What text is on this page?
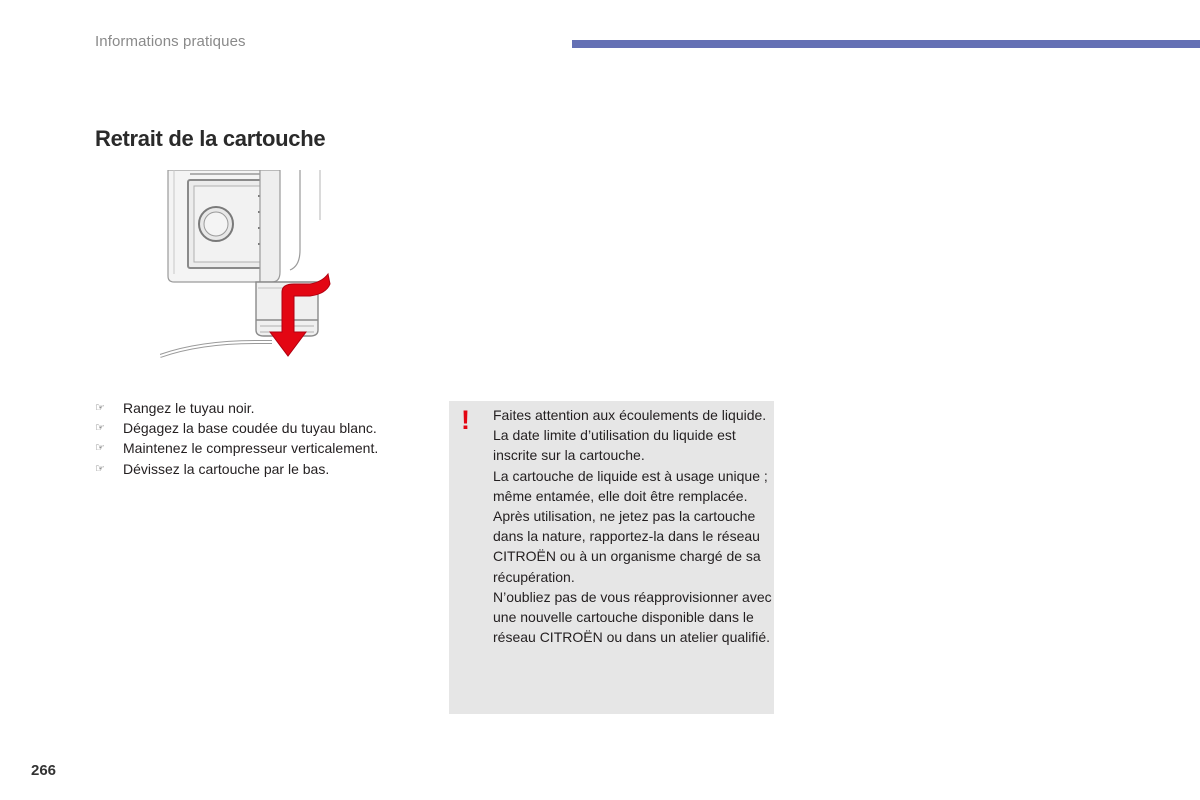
Informations pratiques
Retrait de la cartouche
☞	Rangez le tuyau noir.
☞	Dégagez la base coudée du tuyau blanc.
☞	Maintenez le compresseur verticalement.
☞	Dévissez la cartouche par le bas.
! Faites attention aux écoulements de liquide.

La date limite d’utilisation du liquide est inscrite sur la cartouche.

La cartouche de liquide est à usage unique ; même entamée, elle doit être remplacée.

Après utilisation, ne jetez pas la cartouche dans la nature, rapportez-la dans le réseau CITROËN ou à un organisme chargé de sa récupération.

N’oubliez pas de vous réapprovisionner avec une nouvelle cartouche disponible dans le réseau CITROËN ou dans un atelier qualifié.

266
